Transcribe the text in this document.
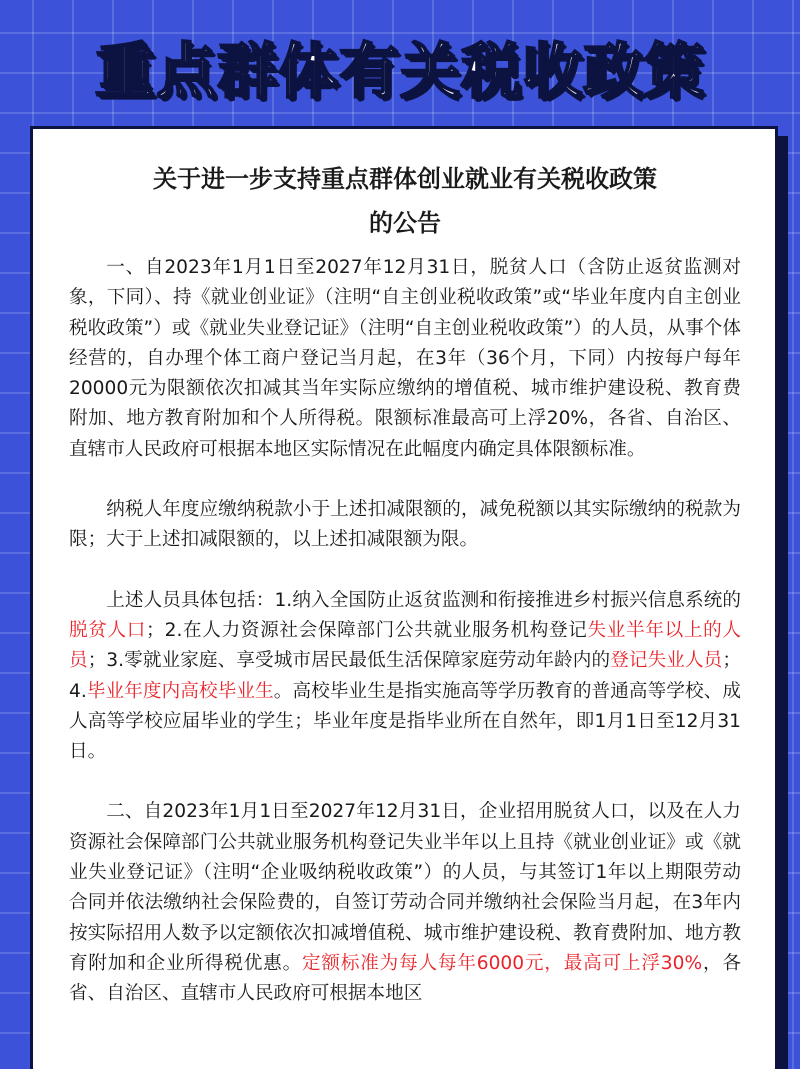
重点群体有关税收政策
关于进一步支持重点群体创业就业有关税收政策
的公告

一、自2023年1月1日至2027年12月31日，脱贫人口（含防止返贫监测对象，下同）、持《就业创业证》（注明“自主创业税收政策”或“毕业年度内自主创业税收政策”）或《就业失业登记证》（注明“自主创业税收政策”）的人员，从事个体经营的，自办理个体工商户登记当月起，在3年（36个月，下同）内按每户每年20000元为限额依次扣减其当年实际应缴纳的增值税、城市维护建设税、教育费附加、地方教育附加和个人所得税。限额标准最高可上浮20%，各省、自治区、直辖市人民政府可根据本地区实际情况在此幅度内确定具体限额标准。

纳税人年度应缴纳税款小于上述扣减限额的，减免税额以其实际缴纳的税款为限；大于上述扣减限额的，以上述扣减限额为限。

上述人员具体包括：1.纳入全国防止返贫监测和衔接推进乡村振兴信息系统的脱贫人口；2.在人力资源社会保障部门公共就业服务机构登记失业半年以上的人员；3.零就业家庭、享受城市居民最低生活保障家庭劳动年龄内的登记失业人员；4.毕业年度内高校毕业生。高校毕业生是指实施高等学历教育的普通高等学校、成人高等学校应届毕业的学生；毕业年度是指毕业所在自然年，即1月1日至12月31日。

二、自2023年1月1日至2027年12月31日，企业招用脱贫人口，以及在人力资源社会保障部门公共就业服务机构登记失业半年以上且持《就业创业证》或《就业失业登记证》（注明“企业吸纳税收政策”）的人员，与其签订1年以上期限劳动合同并依法缴纳社会保险费的，自签订劳动合同并缴纳社会保险当月起，在3年内按实际招用人数予以定额依次扣减增值税、城市维护建设税、教育费附加、地方教育附加和企业所得税优惠。定额标准为每人每年6000元，最高可上浮30%，各省、自治区、直辖市人民政府可根据本地区
